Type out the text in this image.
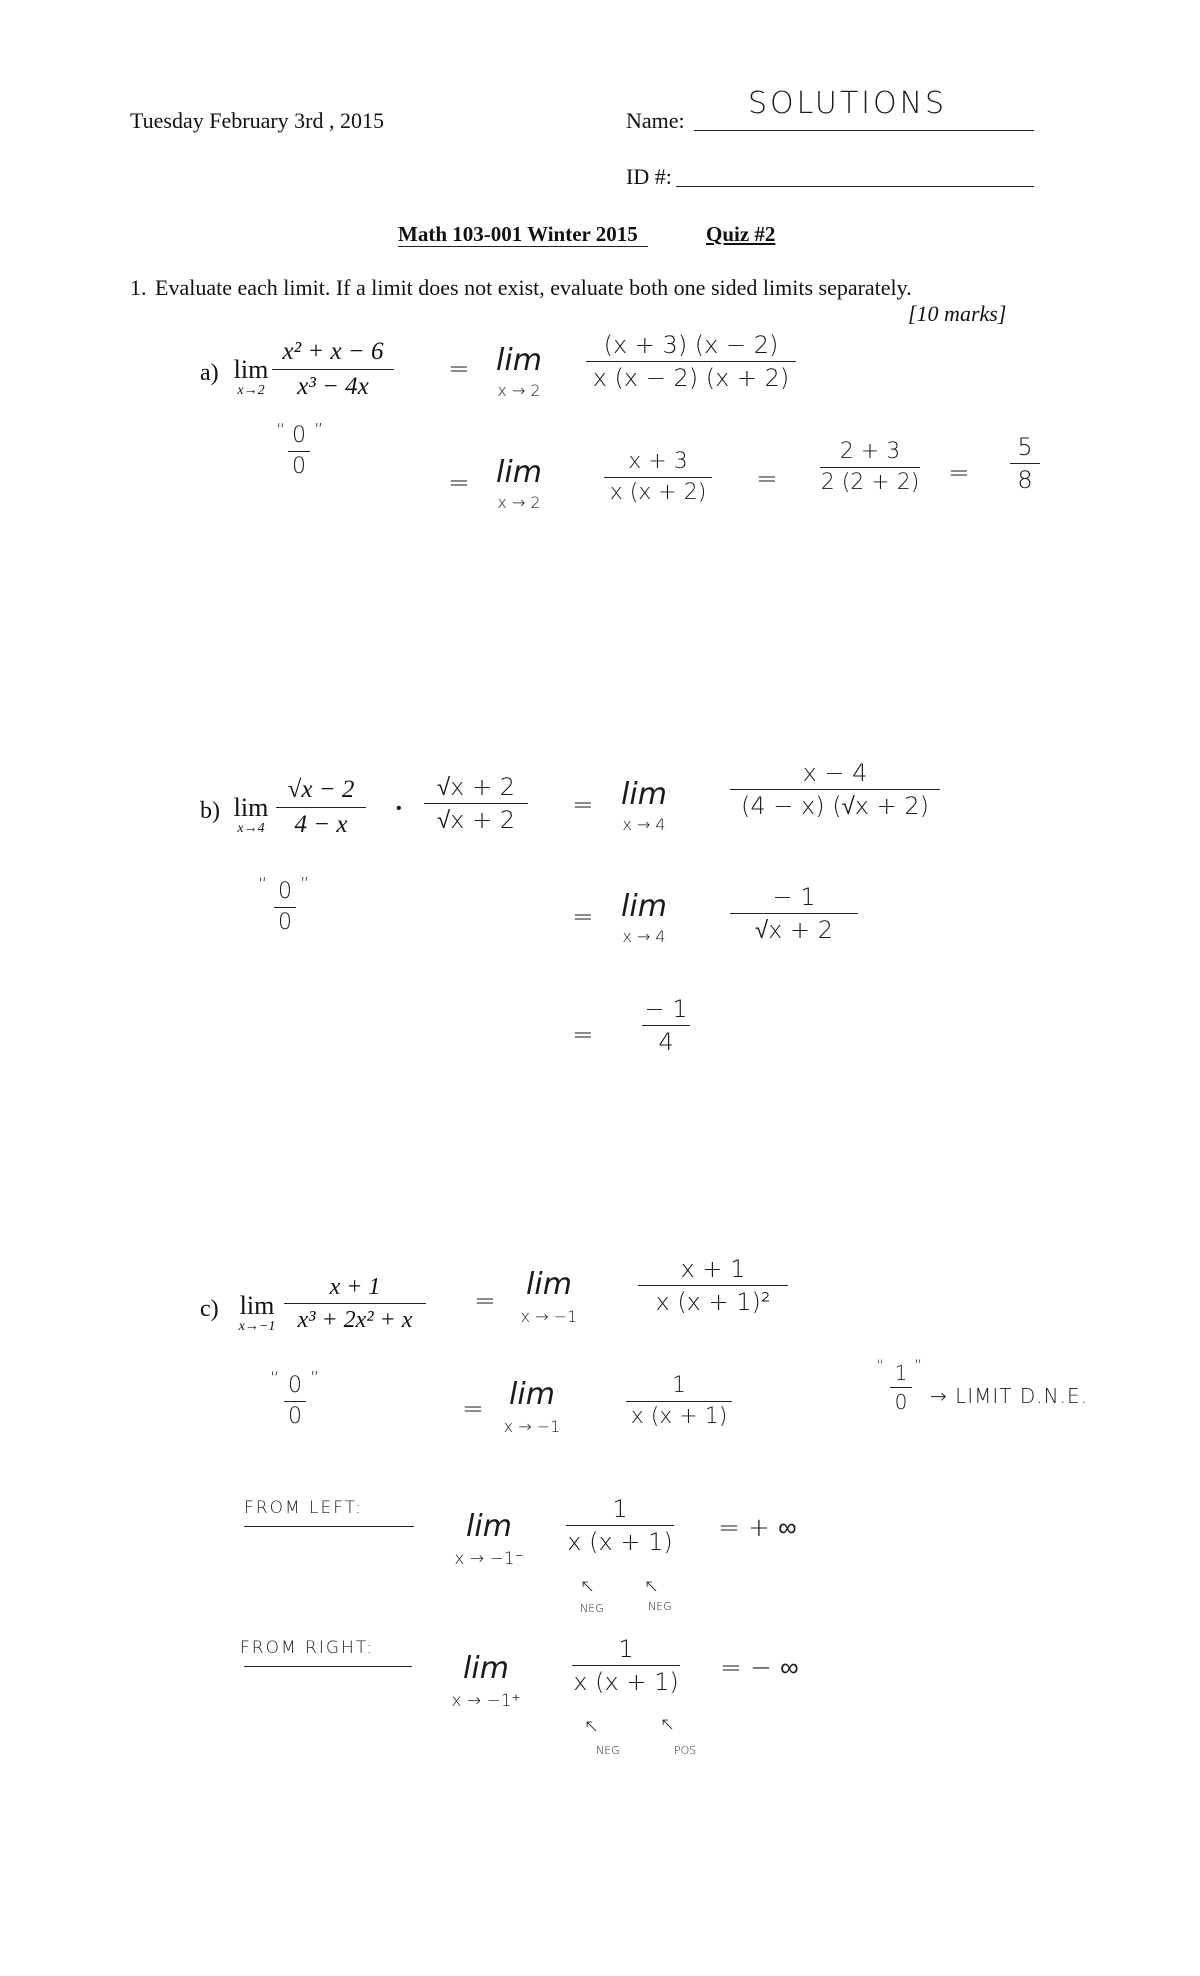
Tuesday February 3rd , 2015	Name: SOLUTIONS
ID #:
Math 103-001 Winter 2015	Quiz #2
1. Evaluate each limit. If a limit does not exist, evaluate both one sided limits separately.
[10 marks]
a) lim
x→2
x² + x − 6
x³ − 4x
“ 0
0
”
= lim
x → 2
(x + 3) (x − 2)
x (x − 2) (x + 2)
= lim
x → 2
x + 3
x (x + 2) =
2 + 3
2 (2 + 2) =
5
8
b) lim
x→4
√x − 2
4 − x
•
√x + 2
√x + 2
“ 0
0
”
= lim
x → 4
x − 4
(4 − x) (√x + 2)
= lim
x → 4
− 1
√x + 2
=
− 1
4
c) lim
x→−1
x + 1
x³ + 2x² + x
=	lim
x → −1
x + 1
x (x + 1)²
“ 0
0
”
= lim
x → −1
1
x (x + 1)
“ 1
0
”
→ LIMIT D.N.E.
FROM LEFT:
lim
x → −1⁻
1
x (x + 1) = + ∞
↖	↖
NEG	NEG
FROM RIGHT:
lim
x → −1⁺
1
x (x + 1) = − ∞
↖	↖
NEG	POS
